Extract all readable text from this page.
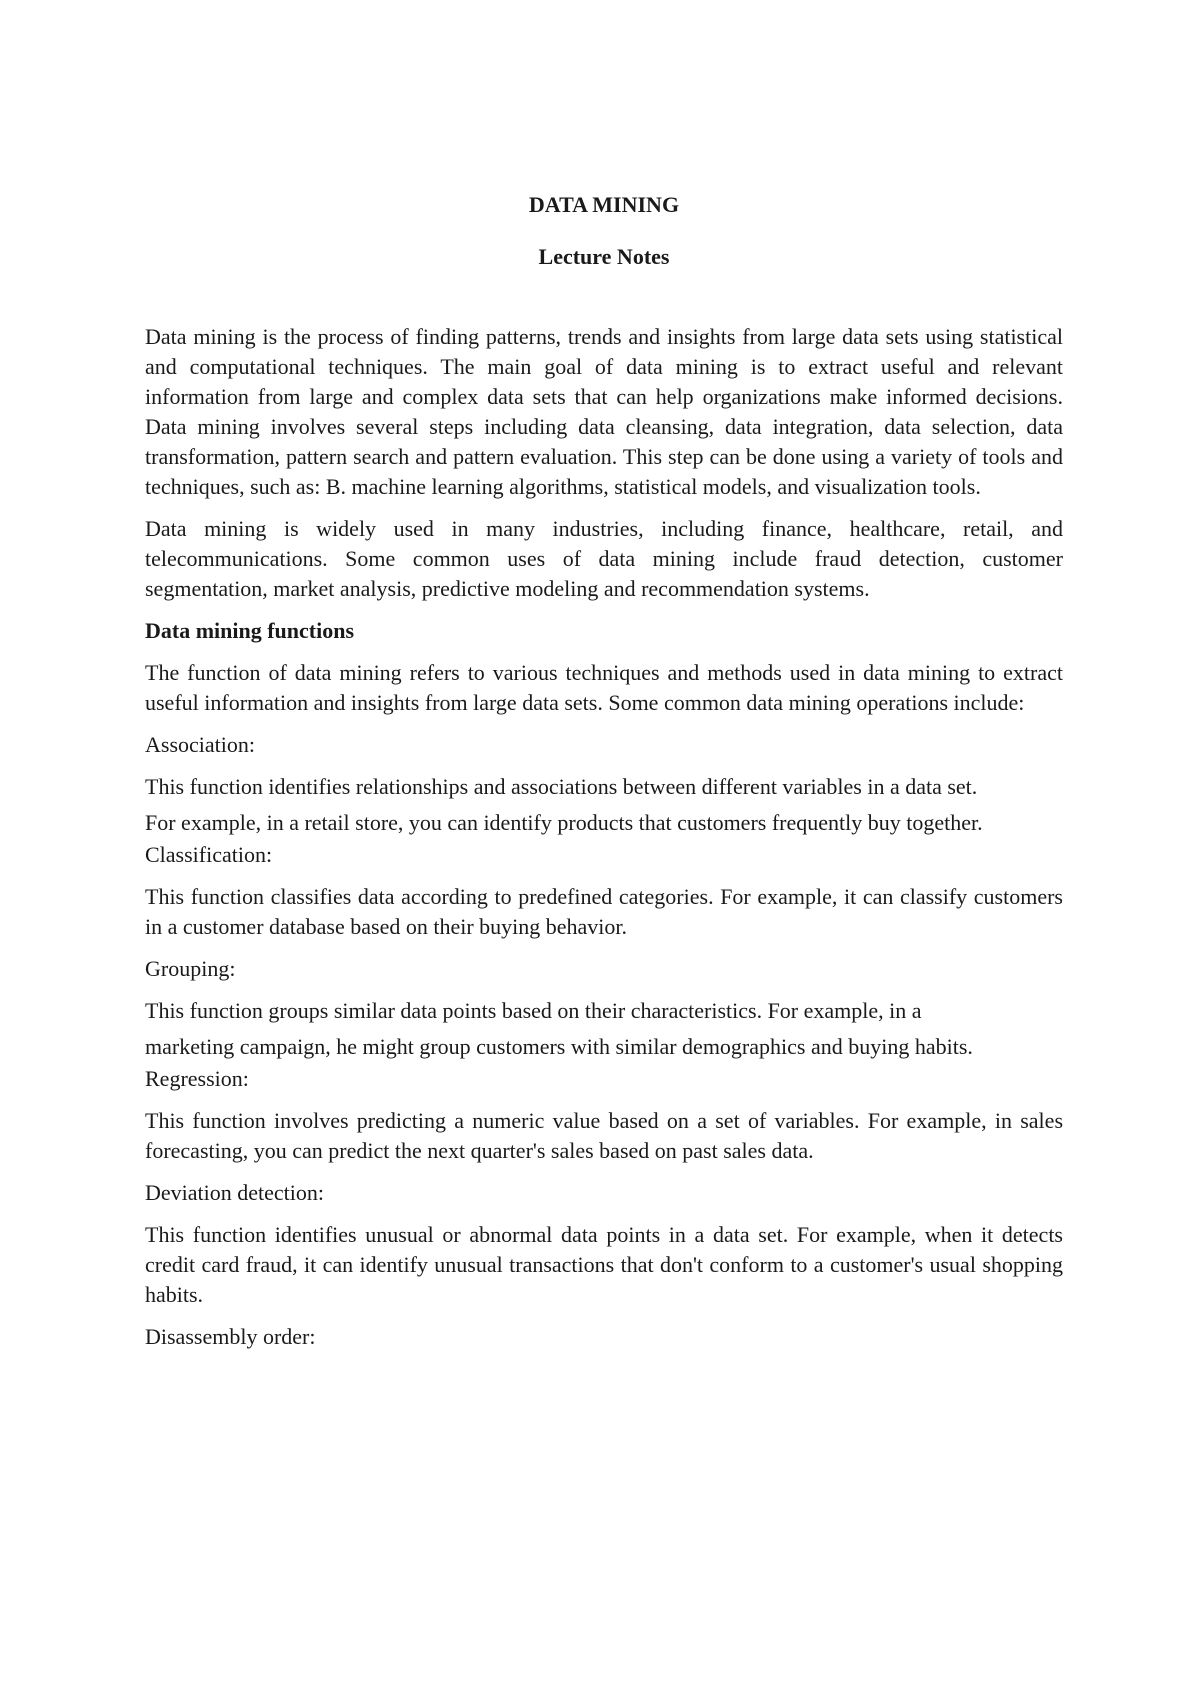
DATA MINING

Lecture Notes

Data mining is the process of finding patterns, trends and insights from large data sets using statistical and computational techniques. The main goal of data mining is to extract useful and relevant information from large and complex data sets that can help organizations make informed decisions. Data mining involves several steps including data cleansing, data integration, data selection, data transformation, pattern search and pattern evaluation. This step can be done using a variety of tools and techniques, such as: B. machine learning algorithms, statistical models, and visualization tools.

Data mining is widely used in many industries, including finance, healthcare, retail, and telecommunications. Some common uses of data mining include fraud detection, customer segmentation, market analysis, predictive modeling and recommendation systems.

Data mining functions

The function of data mining refers to various techniques and methods used in data mining to extract useful information and insights from large data sets. Some common data mining operations include:

Association:

This function identifies relationships and associations between different variables in a data set.

For example, in a retail store, you can identify products that customers frequently buy together.

Classification:

This function classifies data according to predefined categories. For example, it can classify customers in a customer database based on their buying behavior.

Grouping:

This function groups similar data points based on their characteristics. For example, in a

marketing campaign, he might group customers with similar demographics and buying habits.

Regression:

This function involves predicting a numeric value based on a set of variables. For example, in sales forecasting, you can predict the next quarter's sales based on past sales data.

Deviation detection:

This function identifies unusual or abnormal data points in a data set. For example, when it detects credit card fraud, it can identify unusual transactions that don't conform to a customer's usual shopping habits.

Disassembly order:
